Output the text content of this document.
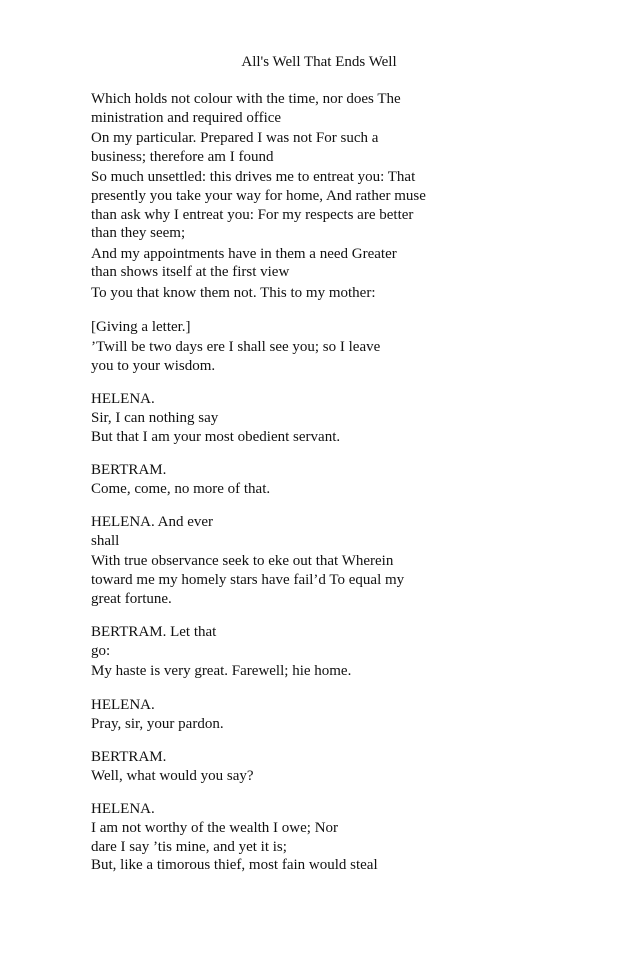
All's Well That Ends Well
Which holds not colour with the time, nor does The
ministration and required office
On my particular. Prepared I was not For such a
business; therefore am I found
So much unsettled: this drives me to entreat you: That
presently you take your way for home, And rather muse
than ask why I entreat you: For my respects are better
than they seem;
And my appointments have in them a need Greater
than shows itself at the first view
To you that know them not. This to my mother:
[Giving a letter.]
’Twill be two days ere I shall see you; so I leave
you to your wisdom.
HELENA.
Sir, I can nothing say
But that I am your most obedient servant.
BERTRAM.
Come, come, no more of that.
HELENA. And ever
shall
With true observance seek to eke out that Wherein
toward me my homely stars have fail’d To equal my
great fortune.
BERTRAM. Let that
go:
My haste is very great. Farewell; hie home.
HELENA.
Pray, sir, your pardon.
BERTRAM.
Well, what would you say?
HELENA.
I am not worthy of the wealth I owe; Nor
dare I say ’tis mine, and yet it is;
But, like a timorous thief, most fain would steal
